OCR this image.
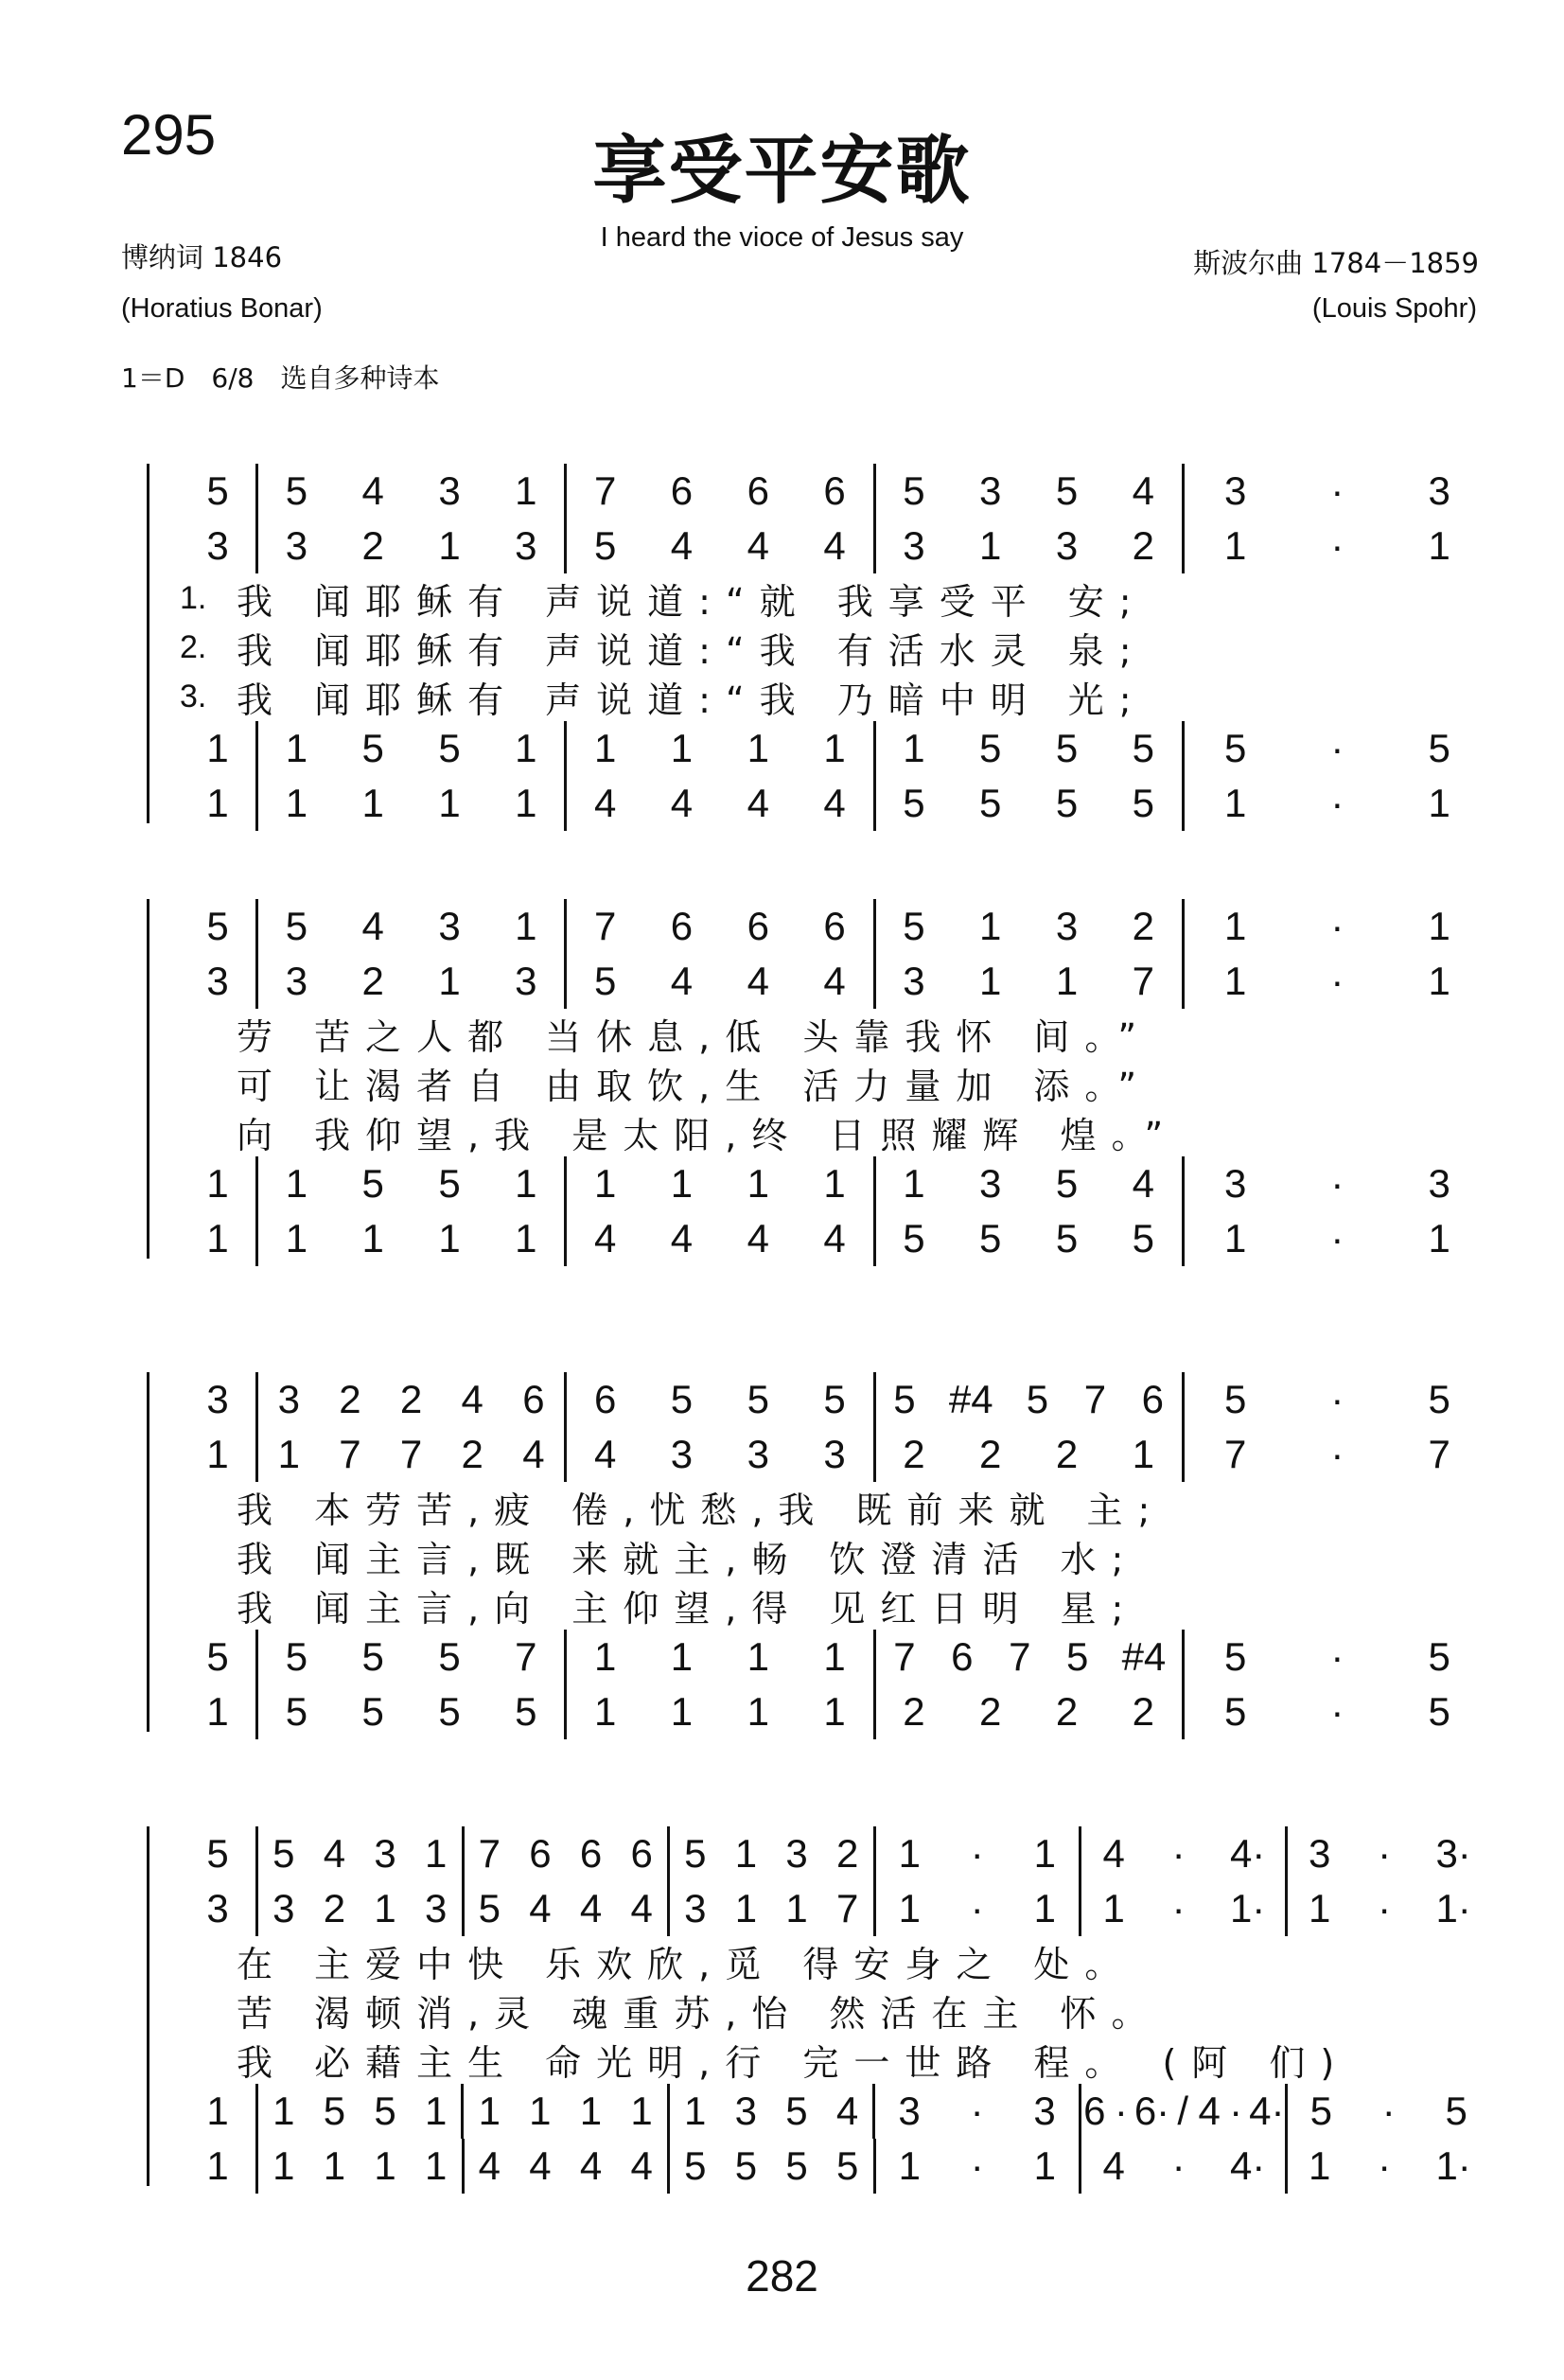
295	享受平安歌
I heard the vioce of Jesus say
博纳词 1846
(Horatius Bonar)
斯波尔曲 1784－1859
(Louis Spohr)
1＝D　6/8　选自多种诗本
5 5 4 3 1 7 6 6 6 5 3 5 4 3 · 3
3 3 2 1 3 5 4 4 4 3 1 3 2 1 · 1
1. 我 闻耶稣有 声说道:“就 我享受平 安;
2. 我 闻耶稣有 声说道:“我 有活水灵 泉;
3. 我 闻耶稣有 声说道:“我 乃暗中明 光;
1 1 5 5 1 1 1 1 1 1 5 5 5 5 · 5
1 1 1 1 1 4 4 4 4 5 5 5 5 1 · 1
5 5 4 3 1 7 6 6 6 5 1 3 2 1 · 1
3 3 2 1 3 5 4 4 4 3 1 1 7 1 · 1
劳 苦之人都 当休息,低 头靠我怀 间。”
可 让渴者自 由取饮,生 活力量加 添。”
向 我仰望,我 是太阳,终 日照耀辉 煌。”
1 1 5 5 1 1 1 1 1 1 3 5 4 3 · 3
1 1 1 1 1 4 4 4 4 5 5 5 5 1 · 1
3 3 2 2 4 6 6 5 5 5 5 #4 5 7 6 5 · 5
1 1 7 7 2 4 4 3 3 3 2 2 2 1 7 · 7
我 本劳苦,疲 倦,忧愁,我 既前来就 主;
我 闻主言,既 来就主,畅 饮澄清活 水;
我 闻主言,向 主仰望,得 见红日明 星;
5 5 5 5 7 1 1 1 1 7 6 7 5 #4 5 · 5
1 5 5 5 5 1 1 1 1 2 2 2 2 5 · 5
5 5 4 3 1 7 6 6 6 5 1 3 2 1 · 1 4 · 4· 3 · 3·
3 3 2 1 3 5 4 4 4 3 1 1 7 1 · 1 1 · 1· 1 · 1·
在 主爱中快 乐欢欣,觅 得安身之 处。
苦 渴顿消,灵 魂重苏,怡 然活在主 怀。
我 必藉主生 命光明,行 完一世路 程。 (阿 们)
1 1 5 5 1 1 1 1 1 1 3 5 4 3 · 3 6 · 6· / 4 · 4· 5 · 5
1 1 1 1 1 4 4 4 4 5 5 5 5 1 · 1 4 · 4· 1 · 1·
282
